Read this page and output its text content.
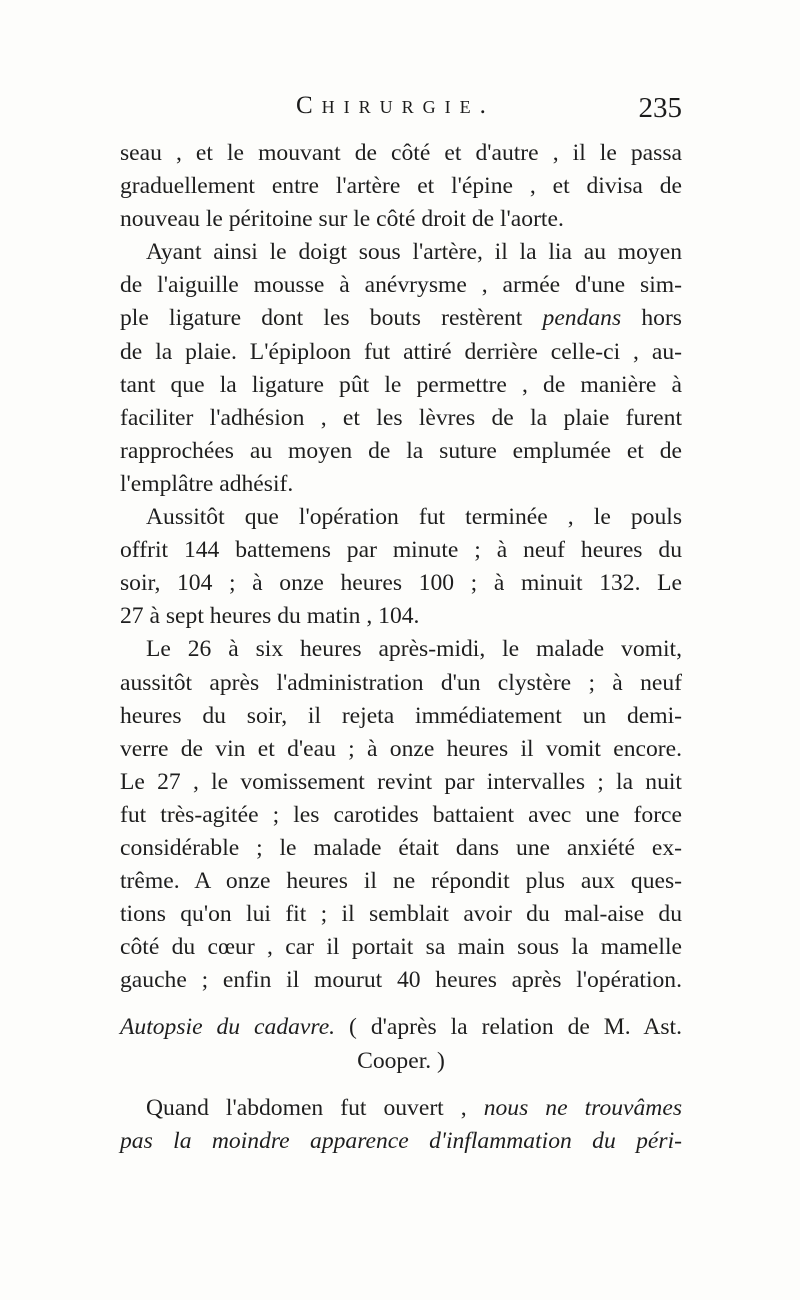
Chirurgie.	235
seau , et le mouvant de côté et d'autre , il le passa
graduellement entre l'artère et l'épine , et divisa de
nouveau le péritoine sur le côté droit de l'aorte.
Ayant ainsi le doigt sous l'artère, il la lia au moyen
de l'aiguille mousse à anévrysme , armée d'une sim-
ple ligature dont les bouts restèrent pendans hors
de la plaie. L'épiploon fut attiré derrière celle-ci , au-
tant que la ligature pût le permettre , de manière à
faciliter l'adhésion , et les lèvres de la plaie furent
rapprochées au moyen de la suture emplumée et de
l'emplâtre adhésif.
Aussitôt que l'opération fut terminée , le pouls
offrit 144 battemens par minute ; à neuf heures du
soir, 104 ; à onze heures 100 ; à minuit 132. Le
27 à sept heures du matin , 104.
Le 26 à six heures après-midi, le malade vomit,
aussitôt après l'administration d'un clystère ; à neuf
heures du soir, il rejeta immédiatement un demi-
verre de vin et d'eau ; à onze heures il vomit encore.
Le 27 , le vomissement revint par intervalles ; la nuit
fut très-agitée ; les carotides battaient avec une force
considérable ; le malade était dans une anxiété ex-
trême. A onze heures il ne répondit plus aux ques-
tions qu'on lui fit ; il semblait avoir du mal-aise du
côté du cœur , car il portait sa main sous la mamelle
gauche ; enfin il mourut 40 heures après l'opération.
Autopsie du cadavre. ( d'après la relation de M. Ast.
Cooper. )
Quand l'abdomen fut ouvert , nous ne trouvâmes
pas la moindre apparence d'inflammation du péri-
